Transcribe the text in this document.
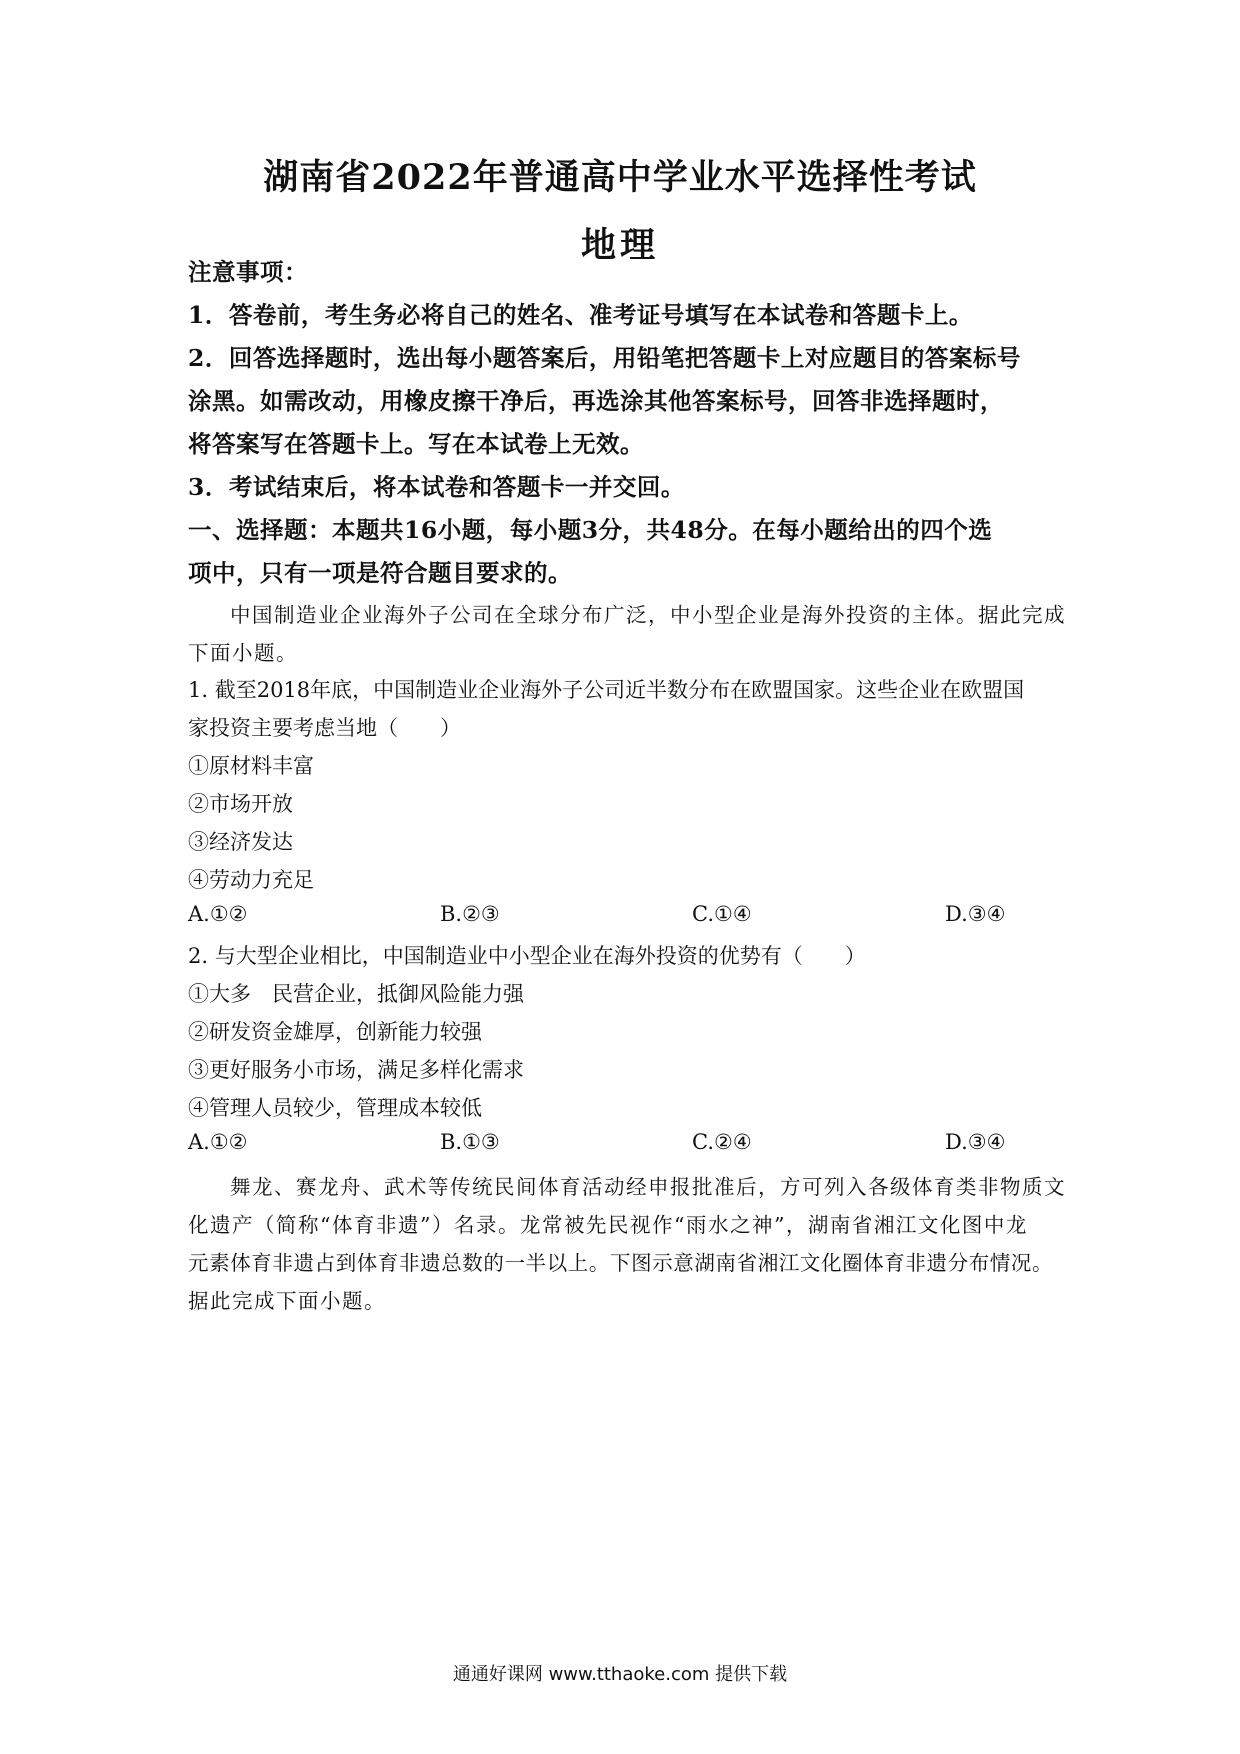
湖南省2022年普通高中学业水平选择性考试
地理
注意事项：
1．答卷前，考生务必将自己的姓名、准考证号填写在本试卷和答题卡上。
2．回答选择题时，选出每小题答案后，用铅笔把答题卡上对应题目的答案标号
涂黑。如需改动，用橡皮擦干净后，再选涂其他答案标号，回答非选择题时，
将答案写在答题卡上。写在本试卷上无效。
3．考试结束后，将本试卷和答题卡一并交回。
一、选择题：本题共16小题，每小题3分，共48分。在每小题给出的四个选
项中，只有一项是符合题目要求的。
中国制造业企业海外子公司在全球分布广泛，中小型企业是海外投资的主体。据此完成
下面小题。
1. 截至2018年底，中国制造业企业海外子公司近半数分布在欧盟国家。这些企业在欧盟国
家投资主要考虑当地（　　）
①原材料丰富
②市场开放
③经济发达
④劳动力充足
A.①②	B.②③	C.①④	D.③④
2. 与大型企业相比，中国制造业中小型企业在海外投资的优势有（　　）
①大多　民营企业，抵御风险能力强
②研发资金雄厚，创新能力较强
③更好服务小市场，满足多样化需求
④管理人员较少，管理成本较低
A.①②	B.①③	C.②④	D.③④
舞龙、赛龙舟、武术等传统民间体育活动经申报批准后，方可列入各级体育类非物质文
化遗产（简称“体育非遗”）名录。龙常被先民视作“雨水之神”，湖南省湘江文化图中龙
元素体育非遗占到体育非遗总数的一半以上。下图示意湖南省湘江文化圈体育非遗分布情况。
据此完成下面小题。
通通好课网 www.tthaoke.com 提供下载
